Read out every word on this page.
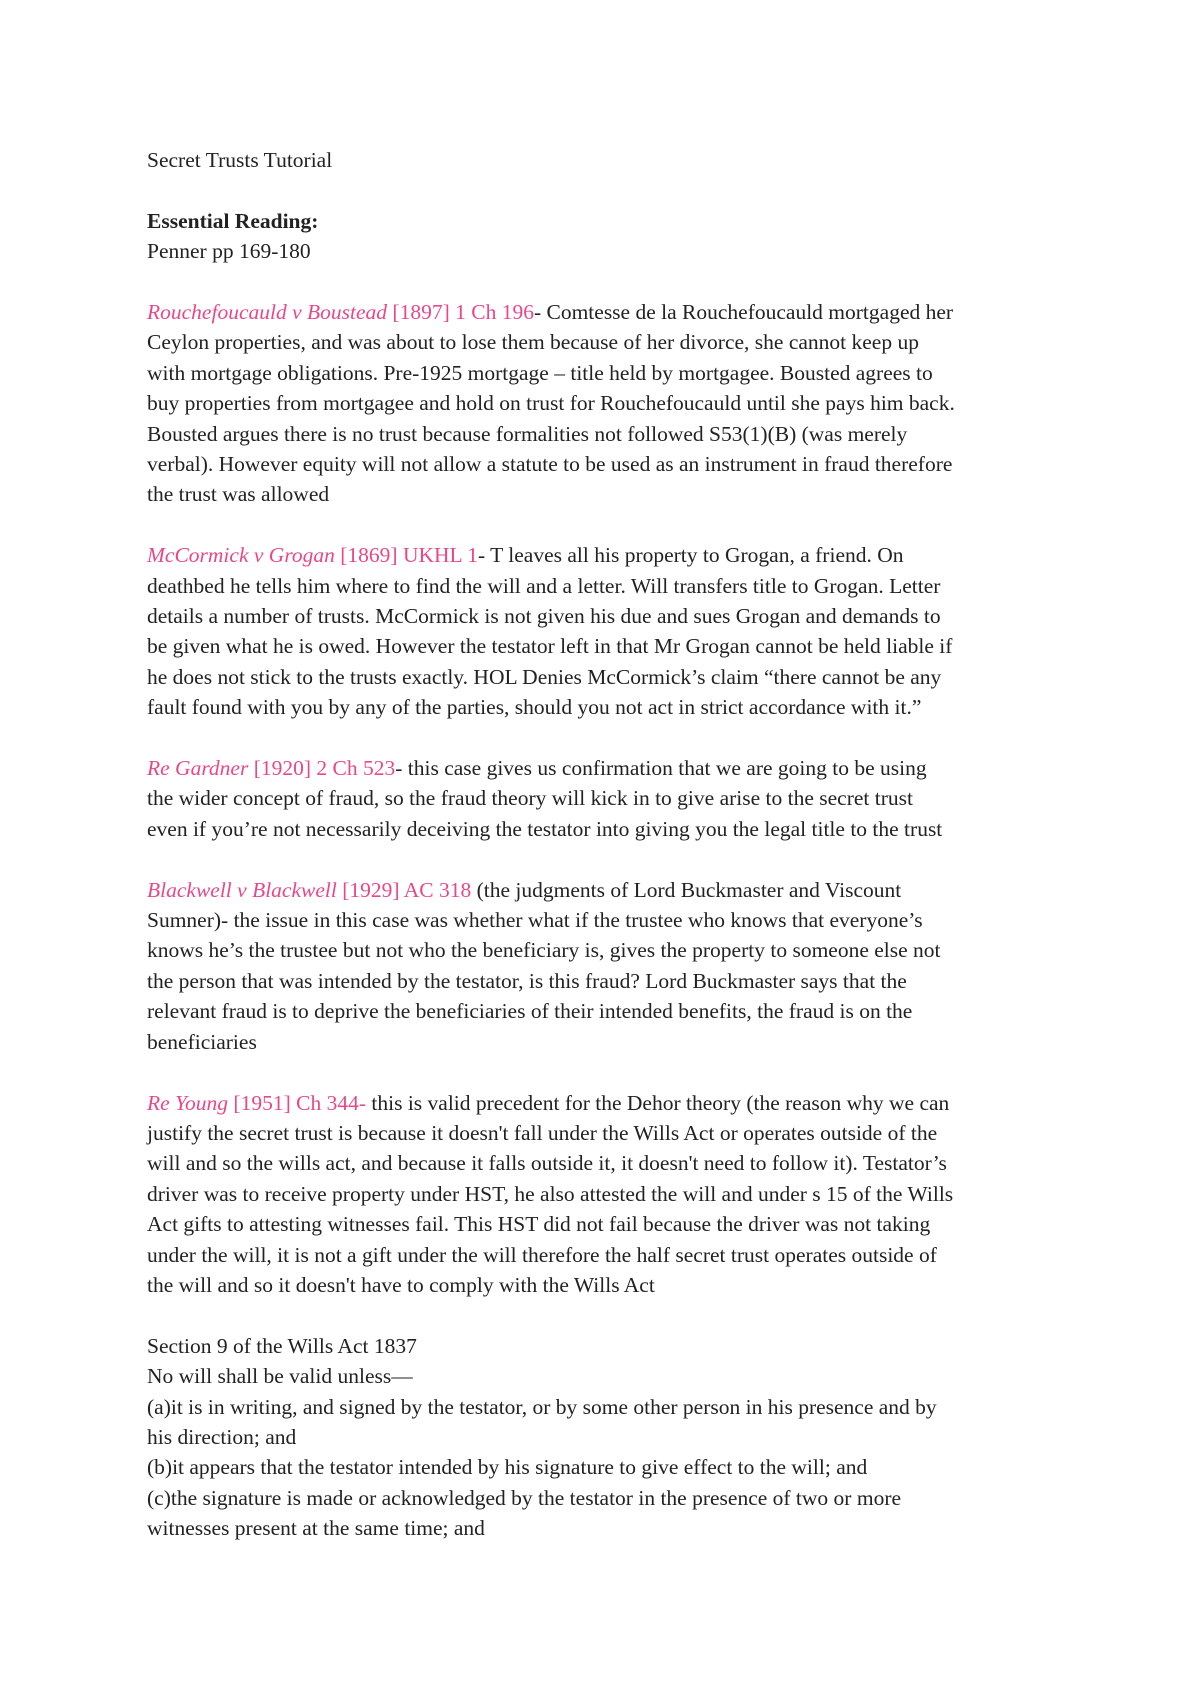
Secret Trusts Tutorial
Essential Reading:
Penner pp 169-180
Rouchefoucauld v Boustead [1897] 1 Ch 196- Comtesse de la Rouchefoucauld mortgaged her
Ceylon properties, and was about to lose them because of her divorce, she cannot keep up
with mortgage obligations. Pre-1925 mortgage – title held by mortgagee. Bousted agrees to
buy properties from mortgagee and hold on trust for Rouchefoucauld until she pays him back.
Bousted argues there is no trust because formalities not followed S53(1)(B) (was merely
verbal). However equity will not allow a statute to be used as an instrument in fraud therefore
the trust was allowed
McCormick v Grogan [1869] UKHL 1- T leaves all his property to Grogan, a friend. On
deathbed he tells him where to find the will and a letter. Will transfers title to Grogan. Letter
details a number of trusts. McCormick is not given his due and sues Grogan and demands to
be given what he is owed. However the testator left in that Mr Grogan cannot be held liable if
he does not stick to the trusts exactly. HOL Denies McCormick’s claim “there cannot be any
fault found with you by any of the parties, should you not act in strict accordance with it.”
Re Gardner [1920] 2 Ch 523- this case gives us confirmation that we are going to be using
the wider concept of fraud, so the fraud theory will kick in to give arise to the secret trust
even if you’re not necessarily deceiving the testator into giving you the legal title to the trust
Blackwell v Blackwell [1929] AC 318 (the judgments of Lord Buckmaster and Viscount
Sumner)- the issue in this case was whether what if the trustee who knows that everyone’s
knows he’s the trustee but not who the beneficiary is, gives the property to someone else not
the person that was intended by the testator, is this fraud? Lord Buckmaster says that the
relevant fraud is to deprive the beneficiaries of their intended benefits, the fraud is on the
beneficiaries
Re Young [1951] Ch 344- this is valid precedent for the Dehor theory (the reason why we can
justify the secret trust is because it doesn't fall under the Wills Act or operates outside of the
will and so the wills act, and because it falls outside it, it doesn't need to follow it). Testator’s
driver was to receive property under HST, he also attested the will and under s 15 of the Wills
Act gifts to attesting witnesses fail. This HST did not fail because the driver was not taking
under the will, it is not a gift under the will therefore the half secret trust operates outside of
the will and so it doesn't have to comply with the Wills Act
Section 9 of the Wills Act 1837
No will shall be valid unless—
(a)it is in writing, and signed by the testator, or by some other person in his presence and by
his direction; and
(b)it appears that the testator intended by his signature to give effect to the will; and
(c)the signature is made or acknowledged by the testator in the presence of two or more
witnesses present at the same time; and
